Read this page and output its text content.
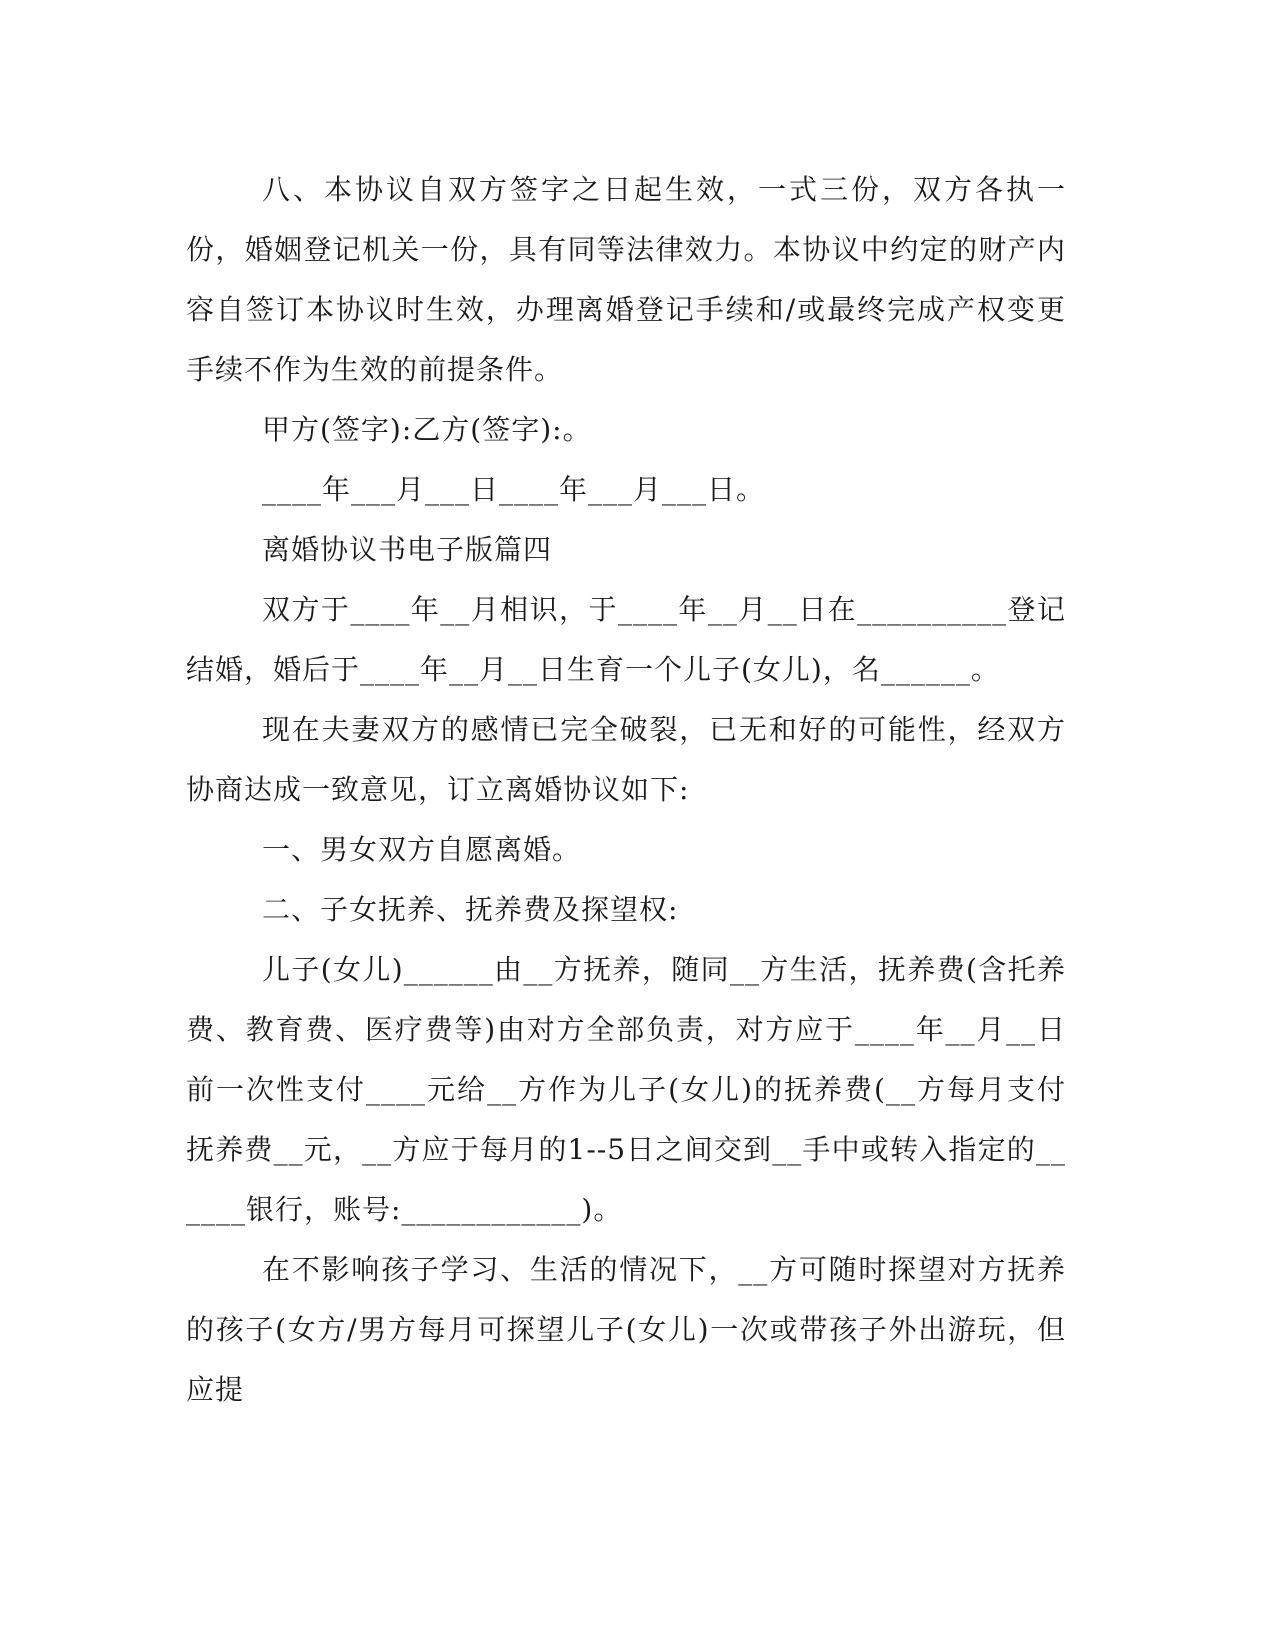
八、本协议自双方签字之日起生效，一式三份，双方各执一份，婚姻登记机关一份，具有同等法律效力。本协议中约定的财产内容自签订本协议时生效，办理离婚登记手续和/或最终完成产权变更手续不作为生效的前提条件。

甲方(签字):乙方(签字):。

____年___月___日____年___月___日。

离婚协议书电子版篇四

双方于____年__月相识，于____年__月__日在__________登记结婚，婚后于____年__月__日生育一个儿子(女儿)，名______。

现在夫妻双方的感情已完全破裂，已无和好的可能性，经双方协商达成一致意见，订立离婚协议如下:

一、男女双方自愿离婚。

二、子女抚养、抚养费及探望权:

儿子(女儿)______由__方抚养，随同__方生活，抚养费(含托养费、教育费、医疗费等)由对方全部负责，对方应于____年__月__日前一次性支付____元给__方作为儿子(女儿)的抚养费(__方每月支付抚养费__元，__方应于每月的1--5日之间交到__手中或转入指定的______银行，账号:____________)。

在不影响孩子学习、生活的情况下，__方可随时探望对方抚养的孩子(女方/男方每月可探望儿子(女儿)一次或带孩子外出游玩，但应提
